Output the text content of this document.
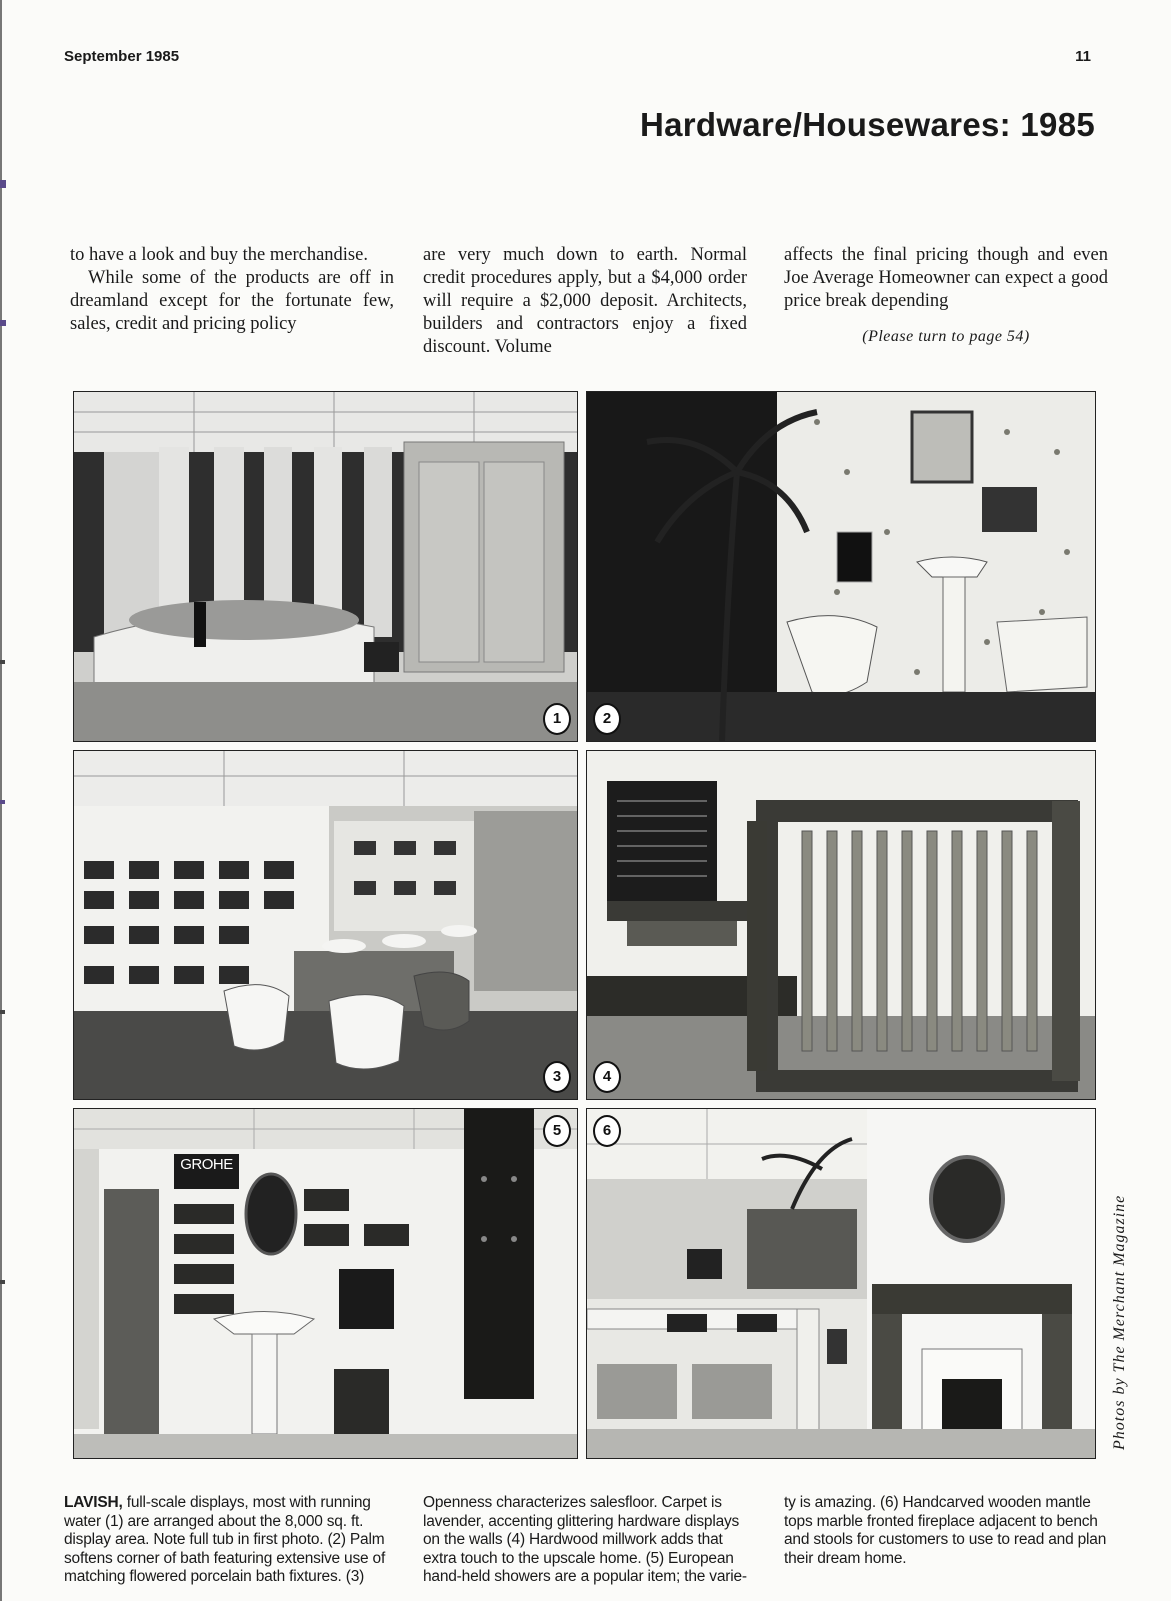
September 1985	11
Hardware/Housewares: 1985

to have a look and buy the merchandise.

While some of the products are off in dreamland except for the fortunate few, sales, credit and pricing policy

are very much down to earth. Normal credit procedures apply, but a $4,000 order will require a $2,000 deposit. Architects, builders and contractors enjoy a fixed discount. Volume

affects the final pricing though and even Joe Average Homeowner can expect a good price break depending

(Please turn to page 54)

1	2
3	4
GROHE
5	6
Photos by The Merchant Magazine

LAVISH, full-scale displays, most with running water (1) are arranged about the 8,000 sq. ft. display area. Note full tub in first photo. (2) Palm softens corner of bath featuring extensive use of matching flowered porcelain bath fixtures. (3)

Openness characterizes salesfloor. Carpet is lavender, accenting glittering hardware displays on the walls (4) Hardwood millwork adds that extra touch to the upscale home. (5) European hand-held showers are a popular item; the varie-

ty is amazing. (6) Handcarved wooden mantle tops marble fronted fireplace adjacent to bench and stools for customers to use to read and plan their dream home.
